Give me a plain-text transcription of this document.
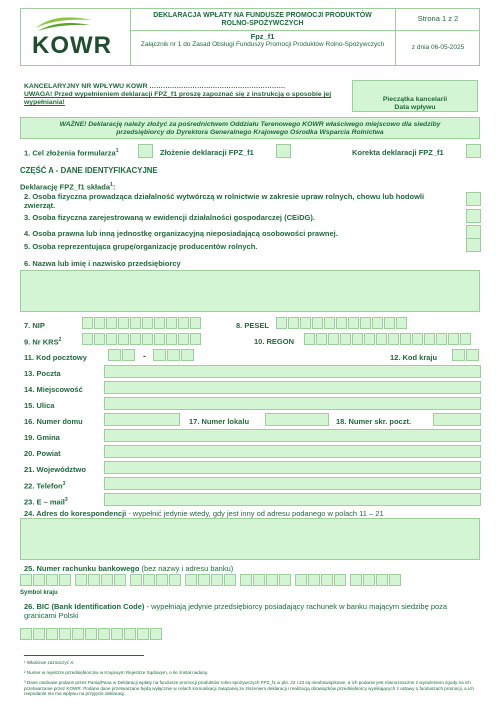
KOWR
DEKLARACJA WPŁATY NA FUNDUSZE PROMOCJI PRODUKTÓW ROLNO-SPOŻYWCZYCH
Fpz_f1
Załącznik nr 1 do Zasad Obsługi Funduszy Promocji Produktów Rolno-Spożywczych
Strona 1 z 2
z dnia 06-05-2025
KANCELARYJNY NR WPŁYWU KOWR ……………………………………………………
UWAGA! Przed wypełnieniem deklaracji FPZ_f1 proszę zapoznać się z instrukcją o sposobie jej wypełniania!	Pieczątka kancelarii
Data wpływu
WAŻNE! Deklarację należy złożyć za pośrednictwem Oddziału Terenowego KOWR właściwego miejscowo dla siedziby przedsiębiorcy do Dyrektora Generalnego Krajowego Ośrodka Wsparcia Rolnictwa
1. Cel złożenia formularza$^1$	Złożenie deklaracji FPZ_f1	Korekta deklaracji FPZ_f1
CZĘŚĆ A - DANE IDENTYFIKACYJNE
Deklarację FPZ_f1 składa$^1$:
2. Osoba fizyczna prowadząca działalność wytwórczą w rolnictwie w zakresie upraw rolnych, chowu lub hodowli zwierząt.
3. Osoba fizyczna zarejestrowaną w ewidencji działalności gospodarczej (CEiDG).
4. Osoba prawna lub inną jednostkę organizacyjną nieposiadającą osobowości prawnej.
5. Osoba reprezentująca grupę/organizację producentów rolnych.
6. Nazwa lub imię i nazwisko przedsiębiorcy
7. NIP	8. PESEL
9. Nr KRS$^2$	10. REGON
11. Kod pocztowy	-	12. Kod kraju
13. Poczta
14. Miejscowość
15. Ulica
16. Numer domu	17. Numer lokalu	18. Numer skr. poczt.
19. Gmina
20. Powiat
21. Województwo
22. Telefon$^3$
23. E – mail$^3$
24. Adres do korespondencji - wypełnić jedynie wtedy, gdy jest inny od adresu podanego w polach 11 – 21
25. Numer rachunku bankowego (bez nazwy i adresu banku)
Symbol kraju
26. BIC (Bank Identification Code) - wypełniają jedynie przedsiębiorcy posiadający rachunek w banku mającym siedzibę poza granicami Polski
¹ Właściwe zaznaczyć X.
² Numer w rejestrze przedsiębiorców w Krajowym Rejestrze Sądowym, o ile został nadany.
³ Dane osobowe podane przez Panią/Pana w Deklaracji wpłaty na fundusze promocji produktów rolno-spożywczych FPZ_f1 w pkt. 22 i 23 są nieobowiązkowe, a ich podanie jest równoznaczne z wyrażeniem zgody na ich przetwarzanie przez KOWR. Podane dane przetwarzane będą wyłącznie w celach komunikacji związanej ze złożeniem deklaracji i realizacją obowiązków przedsiębiorcy wynikających z ustawy o funduszach promocji, a ich niepodanie nie ma wpływu na przyjęcie deklaracji.
